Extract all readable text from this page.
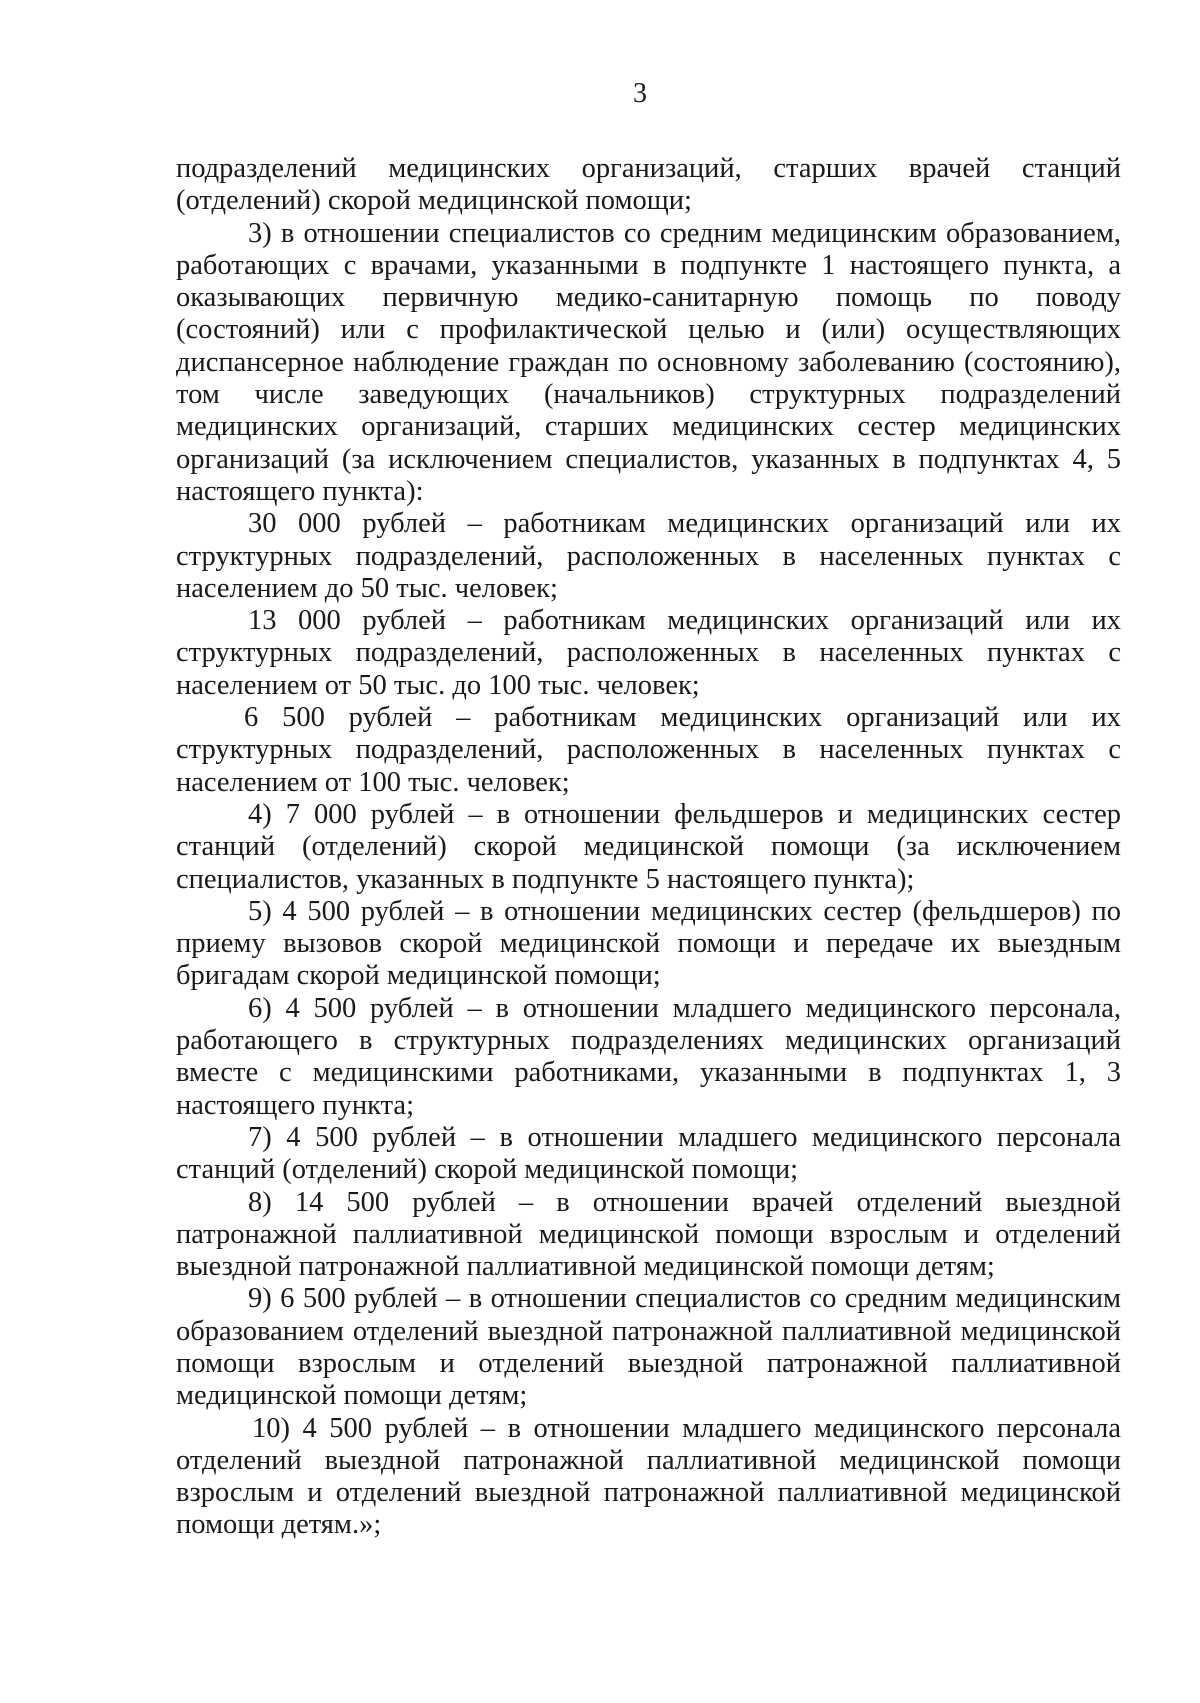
3
подразделений медицинских организаций, старших врачей станций
(отделений) скорой медицинской помощи;
3) в отношении специалистов со средним медицинским образованием,
работающих с врачами, указанными в подпункте 1 настоящего пункта, а
оказывающих первичную медико-санитарную помощь по поводу
(состояний) или с профилактической целью и (или) осуществляющих
диспансерное наблюдение граждан по основному заболеванию (состоянию),
том числе заведующих (начальников) структурных подразделений
медицинских организаций, старших медицинских сестер медицинских
организаций (за исключением специалистов, указанных в подпунктах 4, 5
настоящего пункта):
30 000 рублей – работникам медицинских организаций или их
структурных подразделений, расположенных в населенных пунктах с
населением до 50 тыс. человек;
13 000 рублей – работникам медицинских организаций или их
структурных подразделений, расположенных в населенных пунктах с
населением от 50 тыс. до 100 тыс. человек;
6 500 рублей – работникам медицинских организаций или их
структурных подразделений, расположенных в населенных пунктах с
населением от 100 тыс. человек;
4) 7 000 рублей – в отношении фельдшеров и медицинских сестер
станций (отделений) скорой медицинской помощи (за исключением
специалистов, указанных в подпункте 5 настоящего пункта);
5) 4 500 рублей – в отношении медицинских сестер (фельдшеров) по
приему вызовов скорой медицинской помощи и передаче их выездным
бригадам скорой медицинской помощи;
6) 4 500 рублей – в отношении младшего медицинского персонала,
работающего в структурных подразделениях медицинских организаций
вместе с медицинскими работниками, указанными в подпунктах 1, 3
настоящего пункта;
7) 4 500 рублей – в отношении младшего медицинского персонала
станций (отделений) скорой медицинской помощи;
8) 14 500 рублей – в отношении врачей отделений выездной
патронажной паллиативной медицинской помощи взрослым и отделений
выездной патронажной паллиативной медицинской помощи детям;
9) 6 500 рублей – в отношении специалистов со средним медицинским
образованием отделений выездной патронажной паллиативной медицинской
помощи взрослым и отделений выездной патронажной паллиативной
медицинской помощи детям;
10) 4 500 рублей – в отношении младшего медицинского персонала
отделений выездной патронажной паллиативной медицинской помощи
взрослым и отделений выездной патронажной паллиативной медицинской
помощи детям.»;
